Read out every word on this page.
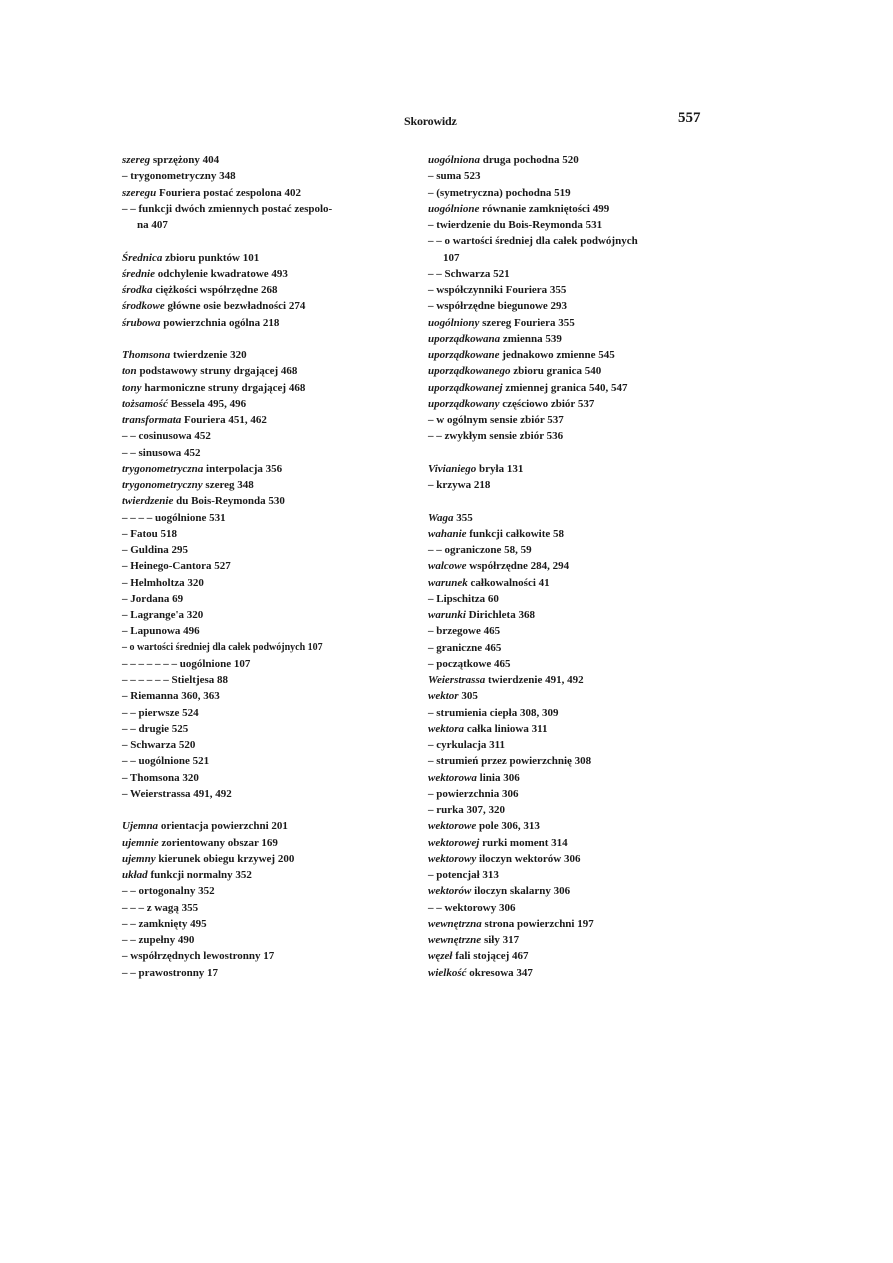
Skorowidz	557
szereg sprzężony 404
– trygonometryczny 348
szeregu Fouriera postać zespolona 402
– – funkcji dwóch zmiennych postać zespolo-
na 407
Średnica zbioru punktów 101
średnie odchylenie kwadratowe 493
środka ciężkości współrzędne 268
środkowe główne osie bezwładności 274
śrubowa powierzchnia ogólna 218
Thomsona twierdzenie 320
ton podstawowy struny drgającej 468
tony harmoniczne struny drgającej 468
tożsamość Bessela 495, 496
transformata Fouriera 451, 462
– – cosinusowa 452
– – sinusowa 452
trygonometryczna interpolacja 356
trygonometryczny szereg 348
twierdzenie du Bois-Reymonda 530
– – – – uogólnione 531
– Fatou 518
– Guldina 295
– Heinego-Cantora 527
– Helmholtza 320
– Jordana 69
– Lagrange'a 320
– Lapunowa 496
– o wartości średniej dla całek podwójnych 107
– – – – – – – uogólnione 107
– – – – – – Stieltjesa 88
– Riemanna 360, 363
– – pierwsze 524
– – drugie 525
– Schwarza 520
– – uogólnione 521
– Thomsona 320
– Weierstrassa 491, 492
Ujemna orientacja powierzchni 201
ujemnie zorientowany obszar 169
ujemny kierunek obiegu krzywej 200
układ funkcji normalny 352
– – ortogonalny 352
– – – z wagą 355
– – zamknięty 495
– – zupełny 490
– współrzędnych lewostronny 17
– – prawostronny 17
uogólniona druga pochodna 520
– suma 523
– (symetryczna) pochodna 519
uogólnione równanie zamkniętości 499
– twierdzenie du Bois-Reymonda 531
– – o wartości średniej dla całek podwójnych
107
– – Schwarza 521
– współczynniki Fouriera 355
– współrzędne biegunowe 293
uogólniony szereg Fouriera 355
uporządkowana zmienna 539
uporządkowane jednakowo zmienne 545
uporządkowanego zbioru granica 540
uporządkowanej zmiennej granica 540, 547
uporządkowany częściowo zbiór 537
– w ogólnym sensie zbiór 537
– – zwykłym sensie zbiór 536
Vivianiego bryła 131
– krzywa 218
Waga 355
wahanie funkcji całkowite 58
– – ograniczone 58, 59
walcowe współrzędne 284, 294
warunek całkowalności 41
– Lipschitza 60
warunki Dirichleta 368
– brzegowe 465
– graniczne 465
– początkowe 465
Weierstrassa twierdzenie 491, 492
wektor 305
– strumienia ciepła 308, 309
wektora całka liniowa 311
– cyrkulacja 311
– strumień przez powierzchnię 308
wektorowa linia 306
– powierzchnia 306
– rurka 307, 320
wektorowe pole 306, 313
wektorowej rurki moment 314
wektorowy iloczyn wektorów 306
– potencjał 313
wektorów iloczyn skalarny 306
– – wektorowy 306
wewnętrzna strona powierzchni 197
wewnętrzne siły 317
węzeł fali stojącej 467
wielkość okresowa 347
